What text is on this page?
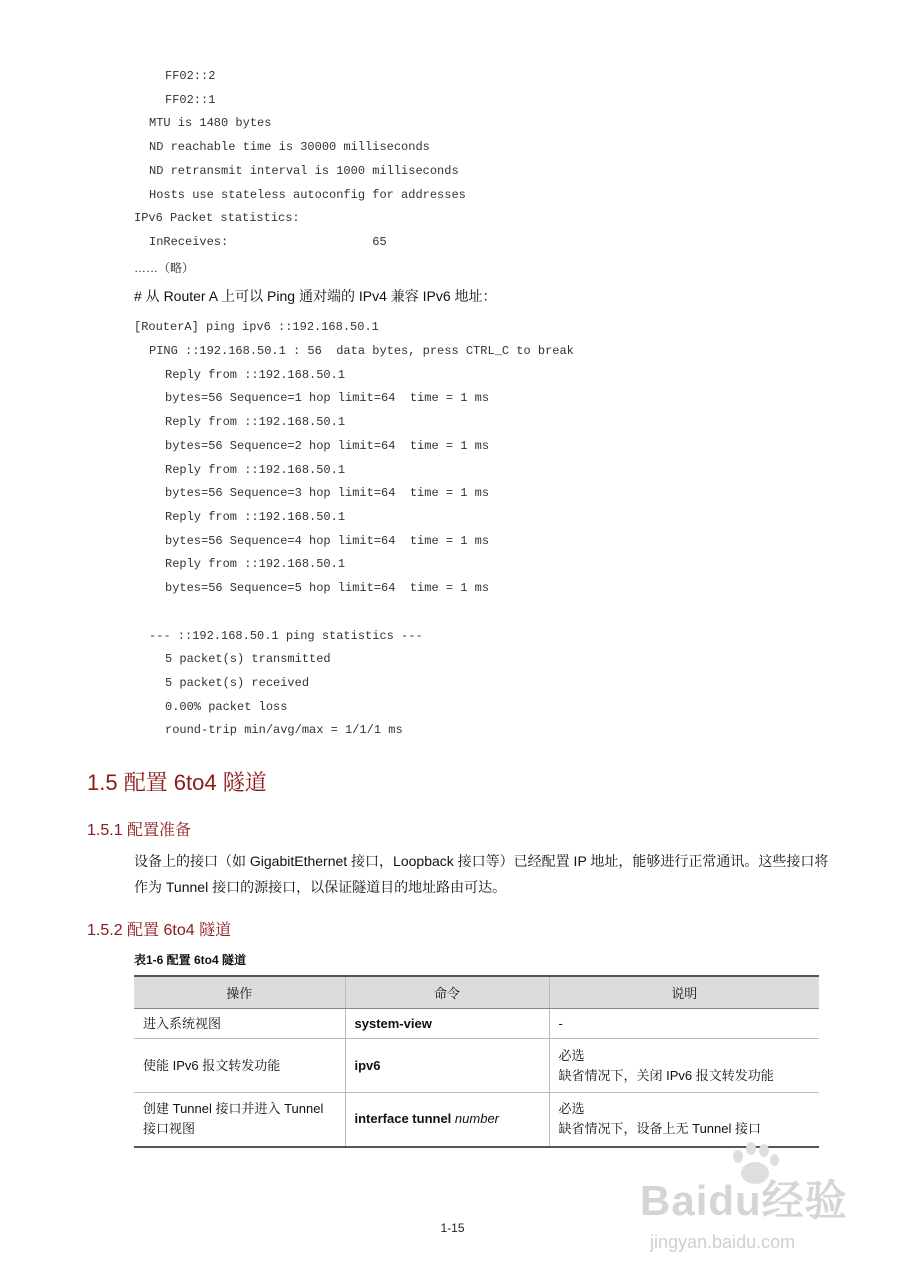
FF02::2
FF02::1
MTU is 1480 bytes
ND reachable time is 30000 milliseconds
ND retransmit interval is 1000 milliseconds
Hosts use stateless autoconfig for addresses
IPv6 Packet statistics:
InReceives:                    65
……（略）
# 从 Router A 上可以 Ping 通对端的 IPv4 兼容 IPv6 地址：
[RouterA] ping ipv6 ::192.168.50.1
PING ::192.168.50.1 : 56  data bytes, press CTRL_C to break
Reply from ::192.168.50.1
bytes=56 Sequence=1 hop limit=64  time = 1 ms
Reply from ::192.168.50.1
bytes=56 Sequence=2 hop limit=64  time = 1 ms
Reply from ::192.168.50.1
bytes=56 Sequence=3 hop limit=64  time = 1 ms
Reply from ::192.168.50.1
bytes=56 Sequence=4 hop limit=64  time = 1 ms
Reply from ::192.168.50.1
bytes=56 Sequence=5 hop limit=64  time = 1 ms
--- ::192.168.50.1 ping statistics ---
5 packet(s) transmitted
5 packet(s) received
0.00% packet loss
round-trip min/avg/max = 1/1/1 ms
1.5 配置 6to4 隧道
1.5.1 配置准备
设备上的接口（如 GigabitEthernet 接口，Loopback 接口等）已经配置 IP 地址，能够进行正常通讯。这些接口将作为 Tunnel 接口的源接口，以保证隧道目的地址路由可达。
1.5.2 配置 6to4 隧道
表1-6 配置 6to4 隧道
操作	命令	说明
进入系统视图	system-view	-

使能 IPv6 报文转发功能	ipv6	必选
缺省情况下，关闭 IPv6 报文转发功能

创建 Tunnel 接口并进入 Tunnel 接口视图	interface tunnel number	必选
缺省情况下，设备上无 Tunnel 接口
Baidu经验
jingyan.baidu.com
1-15
